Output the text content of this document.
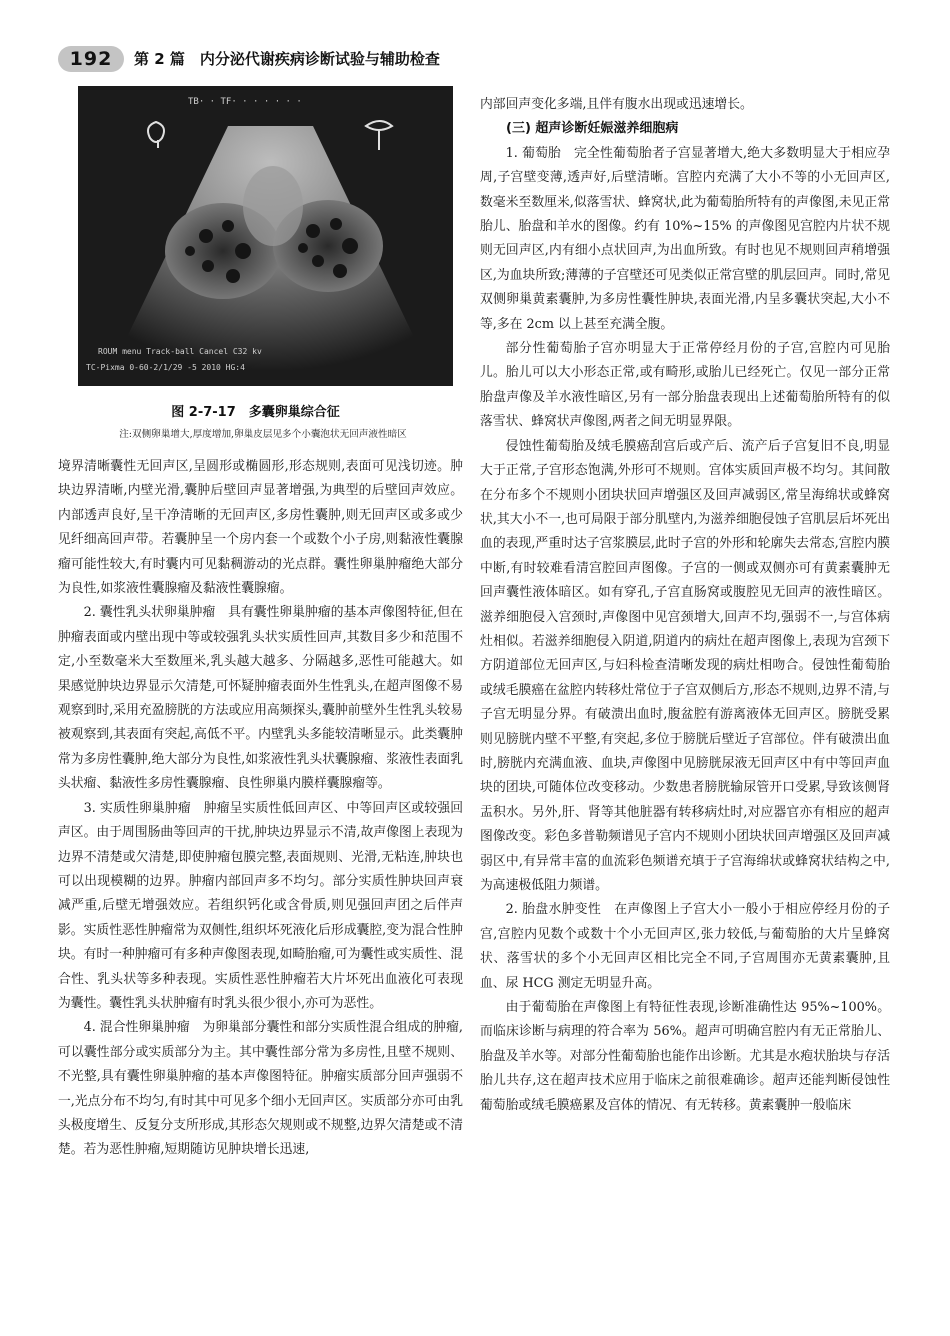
192	第 2 篇　内分泌代谢疾病诊断试验与辅助检查
TB· · TF· · · · · · ·
ROUM menu Track-ball Cancel C32 kv
TC-Pixma 0-60-2/1/29 -5 2010 HG:4
图 2-7-17　多囊卵巢综合征
注:双侧卵巢增大,厚度增加,卵巢皮层见多个小囊泡状无回声液性暗区

境界清晰囊性无回声区,呈圆形或椭圆形,形态规则,表面可见浅切迹。肿块边界清晰,内壁光滑,囊肿后壁回声显著增强,为典型的后壁回声效应。内部透声良好,呈干净清晰的无回声区,多房性囊肿,则无回声区或多或少见纤细高回声带。若囊肿呈一个房内套一个或数个小子房,则黏液性囊腺瘤可能性较大,有时囊内可见黏稠游动的光点群。囊性卵巢肿瘤绝大部分为良性,如浆液性囊腺瘤及黏液性囊腺瘤。

2. 囊性乳头状卵巢肿瘤　具有囊性卵巢肿瘤的基本声像图特征,但在肿瘤表面或内壁出现中等或较强乳头状实质性回声,其数目多少和范围不定,小至数毫米大至数厘米,乳头越大越多、分隔越多,恶性可能越大。如果感觉肿块边界显示欠清楚,可怀疑肿瘤表面外生性乳头,在超声图像不易观察到时,采用充盈膀胱的方法或应用高频探头,囊肿前壁外生性乳头较易被观察到,其表面有突起,高低不平。内壁乳头多能较清晰显示。此类囊肿常为多房性囊肿,绝大部分为良性,如浆液性乳头状囊腺瘤、浆液性表面乳头状瘤、黏液性多房性囊腺瘤、良性卵巢内膜样囊腺瘤等。

3. 实质性卵巢肿瘤　肿瘤呈实质性低回声区、中等回声区或较强回声区。由于周围肠曲等回声的干扰,肿块边界显示不清,故声像图上表现为边界不清楚或欠清楚,即使肿瘤包膜完整,表面规则、光滑,无粘连,肿块也可以出现模糊的边界。肿瘤内部回声多不均匀。部分实质性肿块回声衰减严重,后壁无增强效应。若组织钙化或含骨质,则见强回声团之后伴声影。实质性恶性肿瘤常为双侧性,组织坏死液化后形成囊腔,变为混合性肿块。有时一种肿瘤可有多种声像图表现,如畸胎瘤,可为囊性或实质性、混合性、乳头状等多种表现。实质性恶性肿瘤若大片坏死出血液化可表现为囊性。囊性乳头状肿瘤有时乳头很少很小,亦可为恶性。

4. 混合性卵巢肿瘤　为卵巢部分囊性和部分实质性混合组成的肿瘤,可以囊性部分或实质部分为主。其中囊性部分常为多房性,且壁不规则、不光整,具有囊性卵巢肿瘤的基本声像图特征。肿瘤实质部分回声强弱不一,光点分布不均匀,有时其中可见多个细小无回声区。实质部分亦可由乳头极度增生、反复分支所形成,其形态欠规则或不规整,边界欠清楚或不清楚。若为恶性肿瘤,短期随访见肿块增长迅速,

内部回声变化多端,且伴有腹水出现或迅速增长。

(三) 超声诊断妊娠滋养细胞病

1. 葡萄胎　完全性葡萄胎者子宫显著增大,绝大多数明显大于相应孕周,子宫壁变薄,透声好,后壁清晰。宫腔内充满了大小不等的小无回声区,数毫米至数厘米,似落雪状、蜂窝状,此为葡萄胎所特有的声像图,未见正常胎儿、胎盘和羊水的图像。约有 10%~15% 的声像图见宫腔内片状不规则无回声区,内有细小点状回声,为出血所致。有时也见不规则回声稍增强区,为血块所致;薄薄的子宫壁还可见类似正常宫壁的肌层回声。同时,常见双侧卵巢黄素囊肿,为多房性囊性肿块,表面光滑,内呈多囊状突起,大小不等,多在 2cm 以上甚至充满全腹。

部分性葡萄胎子宫亦明显大于正常停经月份的子宫,宫腔内可见胎儿。胎儿可以大小形态正常,或有畸形,或胎儿已经死亡。仅见一部分正常胎盘声像及羊水液性暗区,另有一部分胎盘表现出上述葡萄胎所特有的似落雪状、蜂窝状声像图,两者之间无明显界限。

侵蚀性葡萄胎及绒毛膜癌刮宫后或产后、流产后子宫复旧不良,明显大于正常,子宫形态饱满,外形可不规则。宫体实质回声极不均匀。其间散在分布多个不规则小团块状回声增强区及回声减弱区,常呈海绵状或蜂窝状,其大小不一,也可局限于部分肌壁内,为滋养细胞侵蚀子宫肌层后坏死出血的表现,严重时达子宫浆膜层,此时子宫的外形和轮廓失去常态,宫腔内膜中断,有时较难看清宫腔回声图像。子宫的一侧或双侧亦可有黄素囊肿无回声囊性液体暗区。如有穿孔,子宫直肠窝或腹腔见无回声的液性暗区。滋养细胞侵入宫颈时,声像图中见宫颈增大,回声不均,强弱不一,与宫体病灶相似。若滋养细胞侵入阴道,阴道内的病灶在超声图像上,表现为宫颈下方阴道部位无回声区,与妇科检查清晰发现的病灶相吻合。侵蚀性葡萄胎或绒毛膜癌在盆腔内转移灶常位于子宫双侧后方,形态不规则,边界不清,与子宫无明显分界。有破溃出血时,腹盆腔有游离液体无回声区。膀胱受累则见膀胱内壁不平整,有突起,多位于膀胱后壁近子宫部位。伴有破溃出血时,膀胱内充满血液、血块,声像图中见膀胱尿液无回声区中有中等回声血块的团块,可随体位改变移动。少数患者膀胱输尿管开口受累,导致该侧肾盂积水。另外,肝、肾等其他脏器有转移病灶时,对应器官亦有相应的超声图像改变。彩色多普勒频谱见子宫内不规则小团块状回声增强区及回声减弱区中,有异常丰富的血流彩色频谱充填于子宫海绵状或蜂窝状结构之中,为高速极低阻力频谱。

2. 胎盘水肿变性　在声像图上子宫大小一般小于相应停经月份的子宫,宫腔内见数个或数十个小无回声区,张力较低,与葡萄胎的大片呈蜂窝状、落雪状的多个小无回声区相比完全不同,子宫周围亦无黄素囊肿,且血、尿 HCG 测定无明显升高。

由于葡萄胎在声像图上有特征性表现,诊断准确性达 95%~100%。而临床诊断与病理的符合率为 56%。超声可明确宫腔内有无正常胎儿、胎盘及羊水等。对部分性葡萄胎也能作出诊断。尤其是水疱状胎块与存活胎儿共存,这在超声技术应用于临床之前很难确诊。超声还能判断侵蚀性葡萄胎或绒毛膜癌累及宫体的情况、有无转移。黄素囊肿一般临床
